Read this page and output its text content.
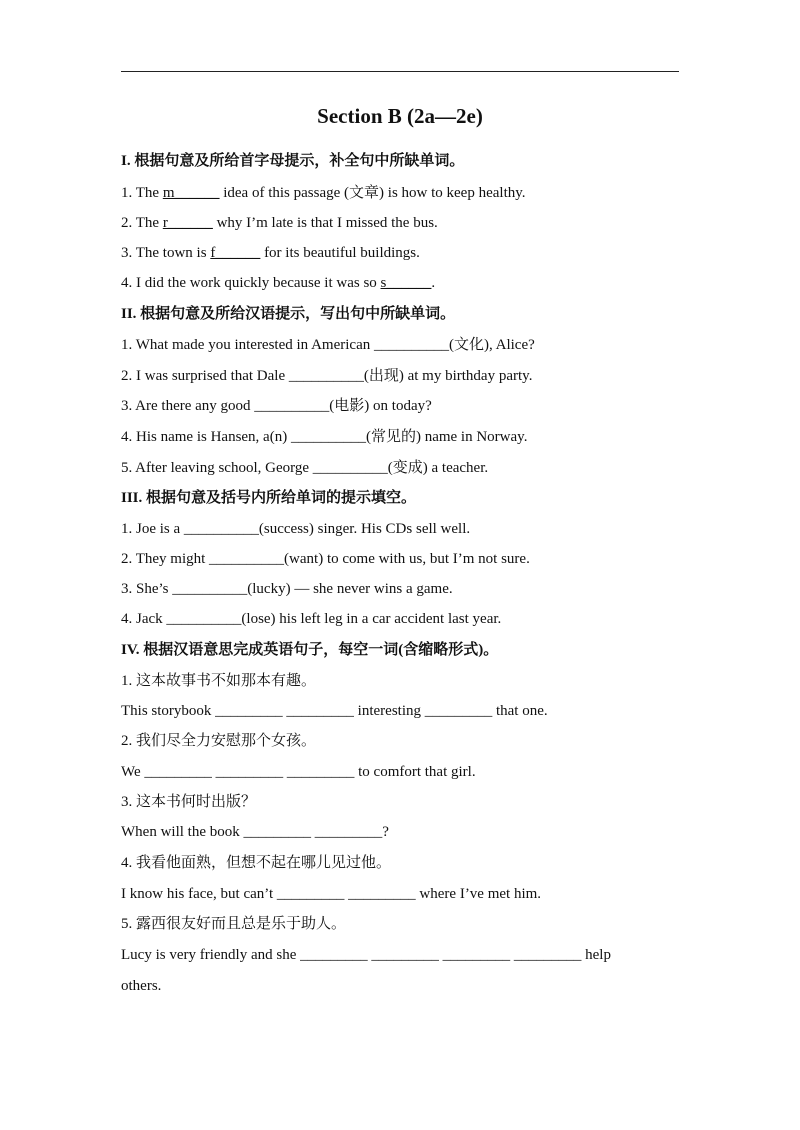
Section B (2a—2e)
I. 根据句意及所给首字母提示，补全句中所缺单词。
1. The m______ idea of this passage (文章) is how to keep healthy.
2. The r______ why I’m late is that I missed the bus.
3. The town is f______ for its beautiful buildings.
4. I did the work quickly because it was so s______.
II. 根据句意及所给汉语提示，写出句中所缺单词。
1. What made you interested in American __________(文化), Alice?
2. I was surprised that Dale __________(出现) at my birthday party.
3. Are there any good __________(电影) on today?
4. His name is Hansen, a(n) __________(常见的) name in Norway.
5. After leaving school, George __________(变成) a teacher.
III. 根据句意及括号内所给单词的提示填空。
1. Joe is a __________(success) singer. His CDs sell well.
2. They might __________(want) to come with us, but I’m not sure.
3. She’s __________(lucky) — she never wins a game.
4. Jack __________(lose) his left leg in a car accident last year.
IV. 根据汉语意思完成英语句子，每空一词(含缩略形式)。
1. 这本故事书不如那本有趣。
This storybook _________ _________ interesting _________ that one.
2. 我们尽全力安慰那个女孩。
We _________ _________ _________ to comfort that girl.
3. 这本书何时出版？
When will the book _________ _________?
4. 我看他面熟，但想不起在哪儿见过他。
I know his face, but can’t _________ _________ where I’ve met him.
5. 露西很友好而且总是乐于助人。
Lucy is very friendly and she _________ _________ _________ _________ help
others.
